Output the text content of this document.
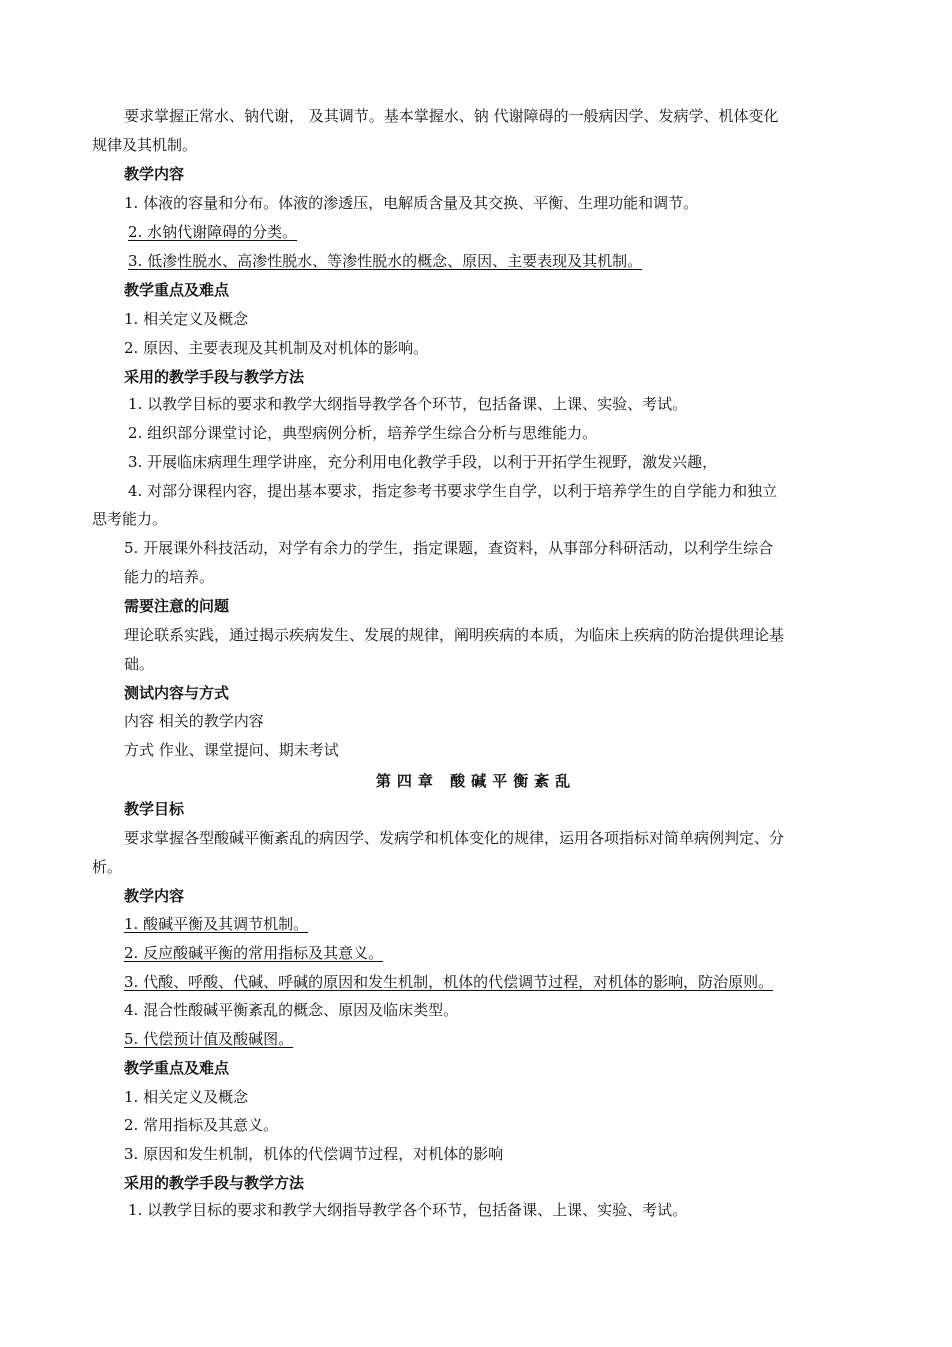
要求掌握正常水、钠代谢， 及其调节。基本掌握水、钠 代谢障碍的一般病因学、发病学、机体变化
规律及其机制。
教学内容
1. 体液的容量和分布。体液的渗透压，电解质含量及其交换、平衡、生理功能和调节。
2. 水钠代谢障碍的分类。
3. 低渗性脱水、高渗性脱水、等渗性脱水的概念、原因、主要表现及其机制。
教学重点及难点
1. 相关定义及概念
2. 原因、主要表现及其机制及对机体的影响。
采用的教学手段与教学方法
1. 以教学目标的要求和教学大纲指导教学各个环节，包括备课、上课、实验、考试。
2. 组织部分课堂讨论，典型病例分析，培养学生综合分析与思维能力。
3. 开展临床病理生理学讲座，充分利用电化教学手段，以利于开拓学生视野，激发兴趣，
4. 对部分课程内容，提出基本要求，指定参考书要求学生自学，以利于培养学生的自学能力和独立
思考能力。
5. 开展课外科技活动，对学有余力的学生，指定课题，查资料，从事部分科研活动，以利学生综合
能力的培养。
需要注意的问题
理论联系实践，通过揭示疾病发生、发展的规律，阐明疾病的本质，为临床上疾病的防治提供理论基
础。
测试内容与方式
内容 相关的教学内容
方式 作业、课堂提问、期末考试
第四章 酸碱平衡紊乱
教学目标
要求掌握各型酸碱平衡紊乱的病因学、发病学和机体变化的规律，运用各项指标对简单病例判定、分
析。
教学内容
1. 酸碱平衡及其调节机制。
2. 反应酸碱平衡的常用指标及其意义。
3. 代酸、呼酸、代碱、呼碱的原因和发生机制，机体的代偿调节过程，对机体的影响，防治原则。
4. 混合性酸碱平衡紊乱的概念、原因及临床类型。
5. 代偿预计值及酸碱图。
教学重点及难点
1. 相关定义及概念
2. 常用指标及其意义。
3. 原因和发生机制，机体的代偿调节过程，对机体的影响
采用的教学手段与教学方法
1. 以教学目标的要求和教学大纲指导教学各个环节，包括备课、上课、实验、考试。
